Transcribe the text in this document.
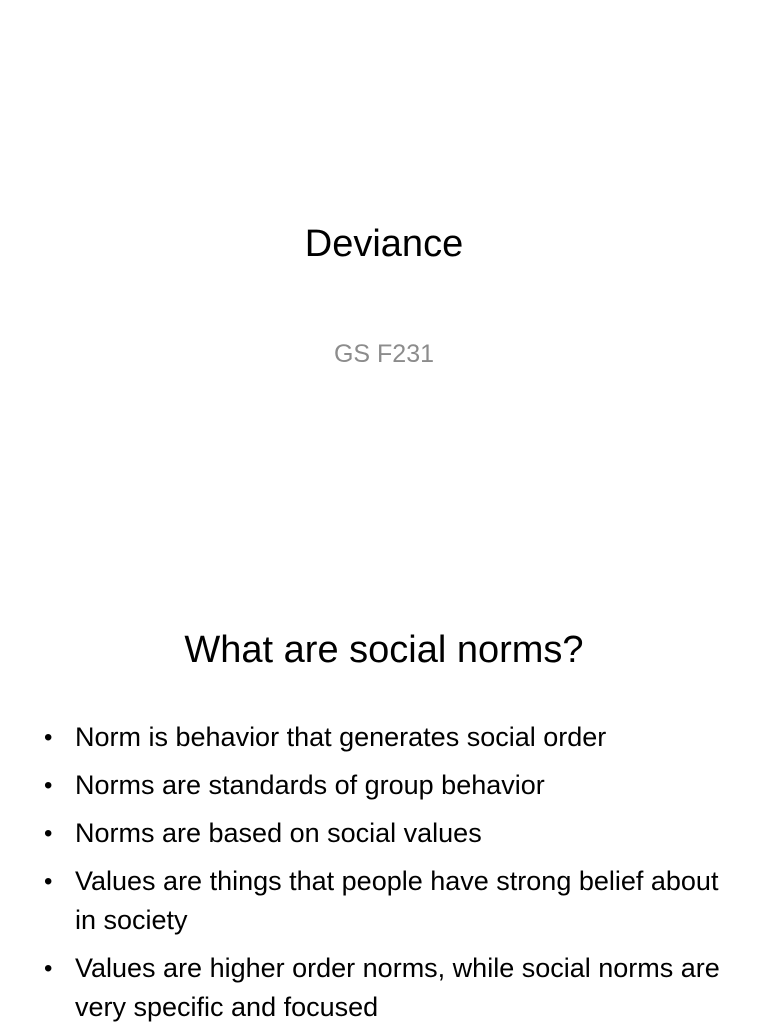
Deviance
GS F231
What are social norms?
• Norm is behavior that generates social order
• Norms are standards of group behavior
• Norms are based on social values
• Values are things that people have strong belief about in society
• Values are higher order norms, while social norms are very specific and focused
